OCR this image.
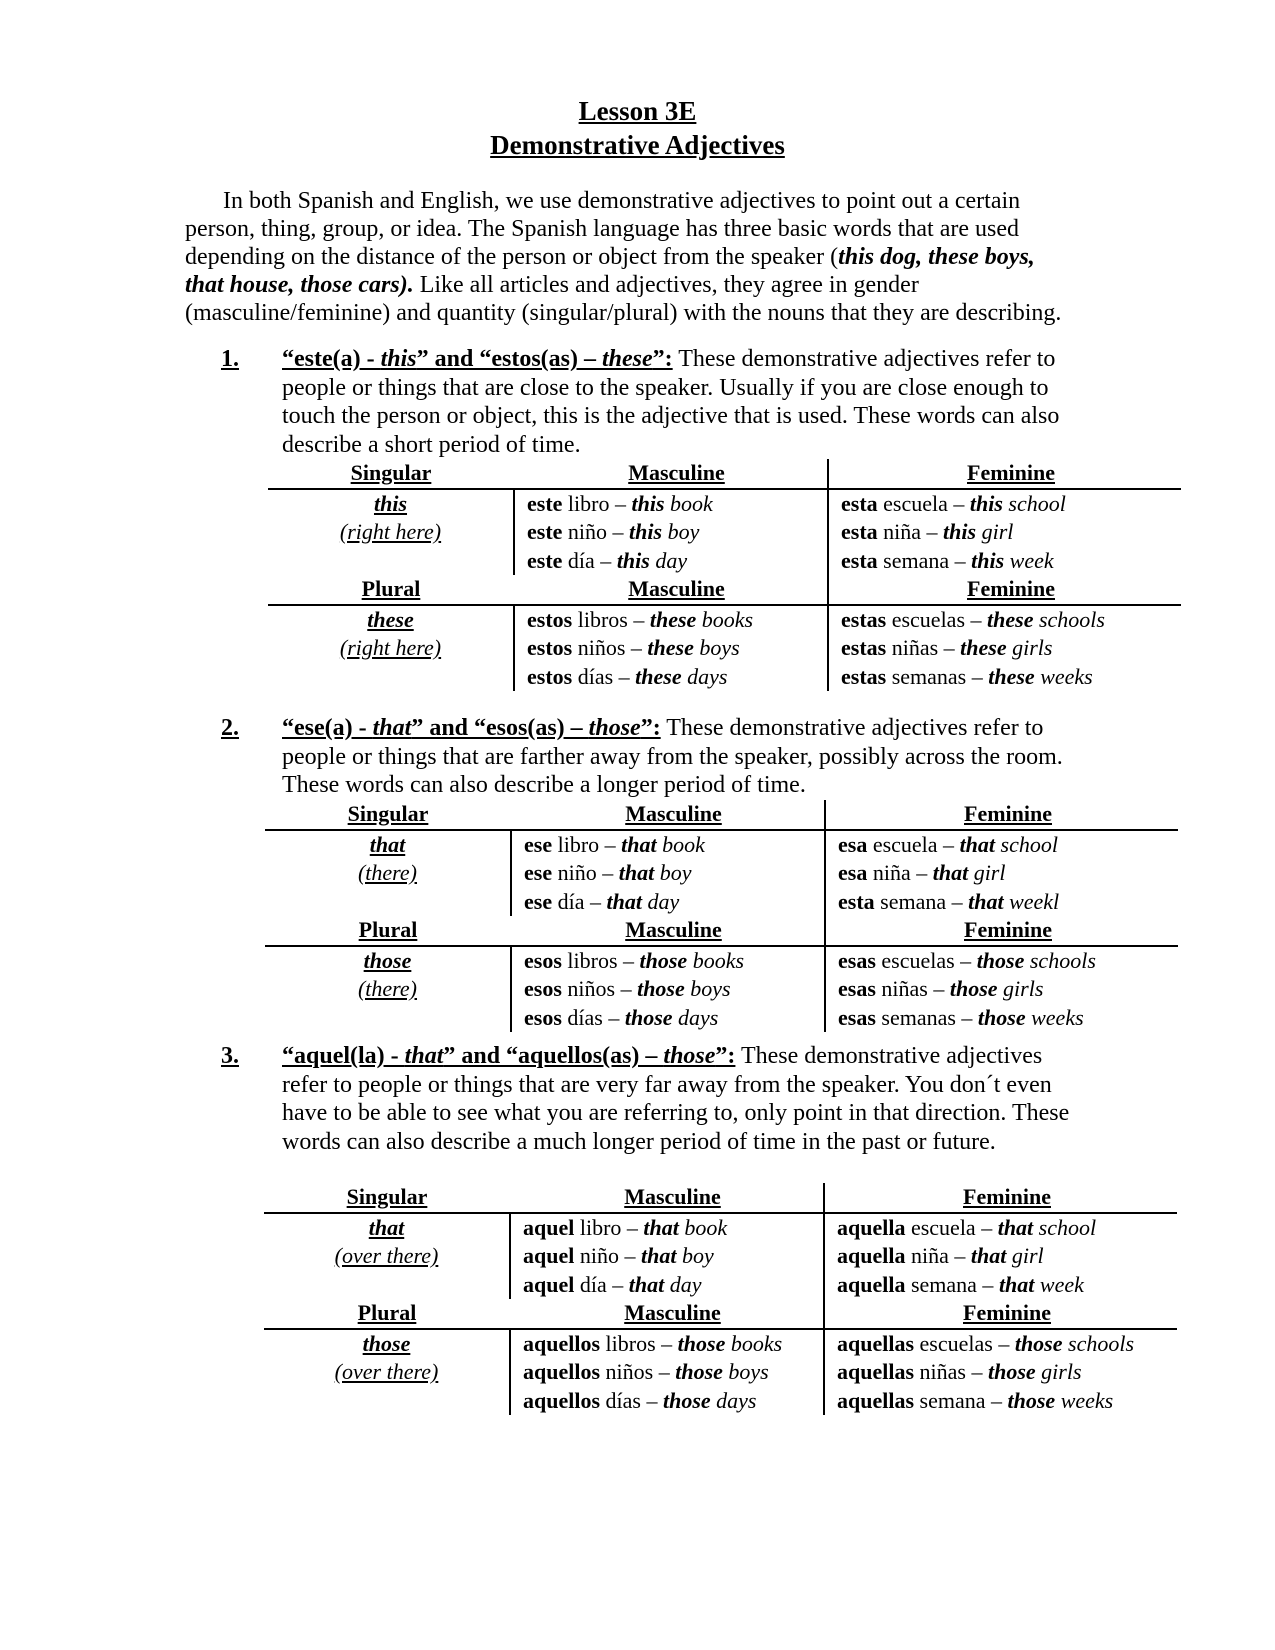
Lesson 3E
Demonstrative Adjectives
In both Spanish and English, we use demonstrative adjectives to point out a certain person, thing, group, or idea. The Spanish language has three basic words that are used depending on the distance of the person or object from the speaker (this dog, these boys, that house, those cars). Like all articles and adjectives, they agree in gender (masculine/feminine) and quantity (singular/plural) with the nouns that they are describing.
1. “este(a) - this” and “estos(as) – these”: These demonstrative adjectives refer to people or things that are close to the speaker. Usually if you are close enough to touch the person or object, this is the adjective that is used. These words can also describe a short period of time.
Singular	Masculine	Feminine
this	este libro – this book	esta escuela – this school
(right here)	este niño – this boy	esta niña – this girl
	este día – this day	esta semana – this week
Plural	Masculine	Feminine
these	estos libros – these books	estas escuelas – these schools
(right here)	estos niños – these boys	estas niñas – these girls
	estos días – these days	estas semanas – these weeks
2. “ese(a) - that” and “esos(as) – those”: These demonstrative adjectives refer to people or things that are farther away from the speaker, possibly across the room. These words can also describe a longer period of time.
Singular	Masculine	Feminine
that	ese libro – that book	esa escuela – that school
(there)	ese niño – that boy	esa niña – that girl
	ese día – that day	esta semana – that weekl
Plural	Masculine	Feminine
those	esos libros – those books	esas escuelas – those schools
(there)	esos niños – those boys	esas niñas – those girls
	esos días – those days	esas semanas – those weeks
3. “aquel(la) - that” and “aquellos(as) – those”: These demonstrative adjectives refer to people or things that are very far away from the speaker. You don´t even have to be able to see what you are referring to, only point in that direction. These words can also describe a much longer period of time in the past or future.
Singular	Masculine	Feminine
that	aquel libro – that book	aquella escuela – that school
(over there)	aquel niño – that boy	aquella niña – that girl
	aquel día – that day	aquella semana – that week
Plural	Masculine	Feminine
those	aquellos libros – those books	aquellas escuelas – those schools
(over there)	aquellos niños – those boys	aquellas niñas – those girls
	aquellos días – those days	aquellas semana – those weeks
